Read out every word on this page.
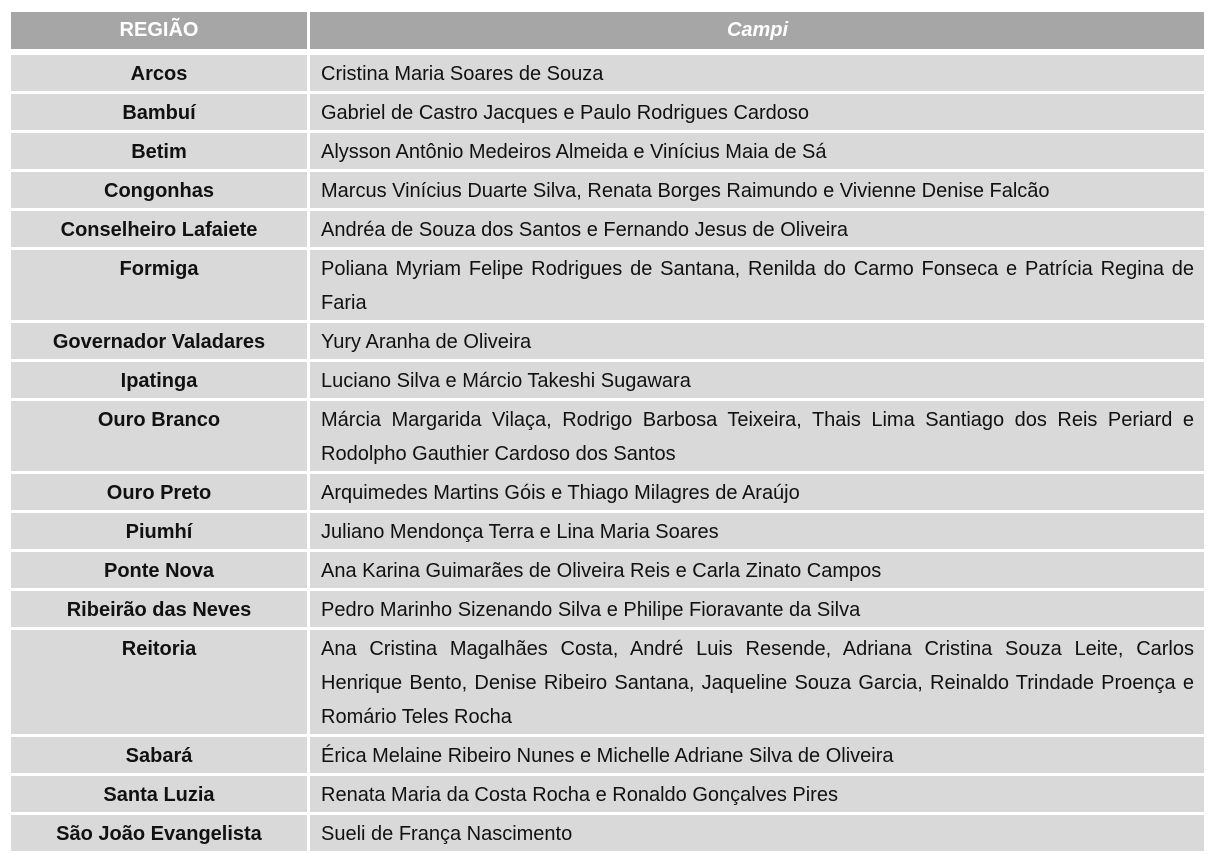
REGIÃO	Campi
Arcos	Cristina Maria Soares de Souza
Bambuí	Gabriel de Castro Jacques e Paulo Rodrigues Cardoso
Betim	Alysson Antônio Medeiros Almeida e Vinícius Maia de Sá
Congonhas	Marcus Vinícius Duarte Silva, Renata Borges Raimundo e Vivienne Denise Falcão
Conselheiro Lafaiete	Andréa de Souza dos Santos e Fernando Jesus de Oliveira
Formiga	Poliana Myriam Felipe Rodrigues de Santana, Renilda do Carmo Fonseca e Patrícia Regina de Faria
Governador Valadares	Yury Aranha de Oliveira
Ipatinga	Luciano Silva e Márcio Takeshi Sugawara
Ouro Branco	Márcia Margarida Vilaça, Rodrigo Barbosa Teixeira, Thais Lima Santiago dos Reis Periard e Rodolpho Gauthier Cardoso dos Santos
Ouro Preto	Arquimedes Martins Góis e Thiago Milagres de Araújo
Piumhí	Juliano Mendonça Terra e Lina Maria Soares
Ponte Nova	Ana Karina Guimarães de Oliveira Reis e Carla Zinato Campos
Ribeirão das Neves	Pedro Marinho Sizenando Silva e Philipe Fioravante da Silva
Reitoria	Ana Cristina Magalhães Costa, André Luis Resende, Adriana Cristina Souza Leite, Carlos Henrique Bento, Denise Ribeiro Santana, Jaqueline Souza Garcia, Reinaldo Trindade Proença e Romário Teles Rocha
Sabará	Érica Melaine Ribeiro Nunes e Michelle Adriane Silva de Oliveira
Santa Luzia	Renata Maria da Costa Rocha e Ronaldo Gonçalves Pires
São João Evangelista	Sueli de França Nascimento
